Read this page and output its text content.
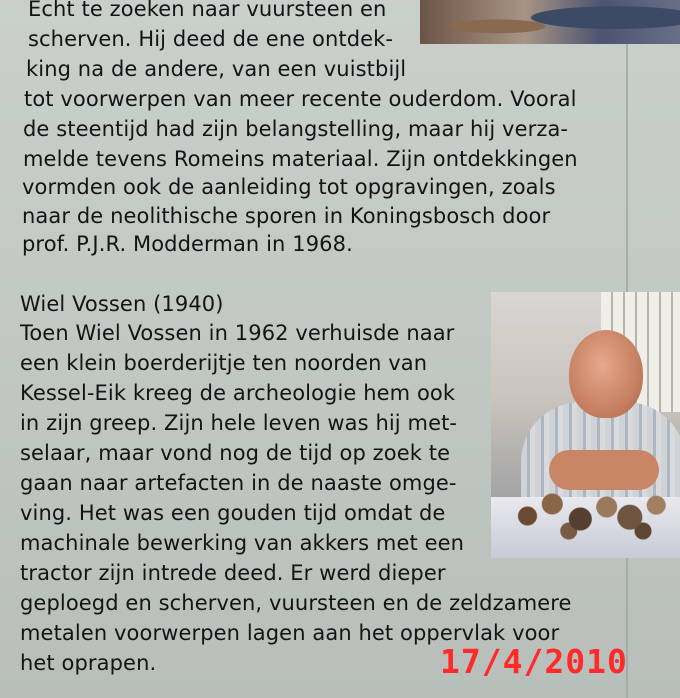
Echt te zoeken naar vuursteen en
scherven. Hij deed de ene ontdek-
king na de andere, van een vuistbijl
tot voorwerpen van meer recente ouderdom. Vooral
de steentijd had zijn belangstelling, maar hij verza-
melde tevens Romeins materiaal. Zijn ontdekkingen
vormden ook de aanleiding tot opgravingen, zoals
naar de neolithische sporen in Koningsbosch door
prof. P.J.R. Modderman in 1968.
Wiel Vossen (1940)
Toen Wiel Vossen in 1962 verhuisde naar
een klein boerderijtje ten noorden van
Kessel-Eik kreeg de archeologie hem ook
in zijn greep. Zijn hele leven was hij met-
selaar, maar vond nog de tijd op zoek te
gaan naar artefacten in de naaste omge-
ving. Het was een gouden tijd omdat de
machinale bewerking van akkers met een
tractor zijn intrede deed. Er werd dieper
geploegd en scherven, vuursteen en de zeldzamere
metalen voorwerpen lagen aan het oppervlak voor
het oprapen.	17/4/2010
